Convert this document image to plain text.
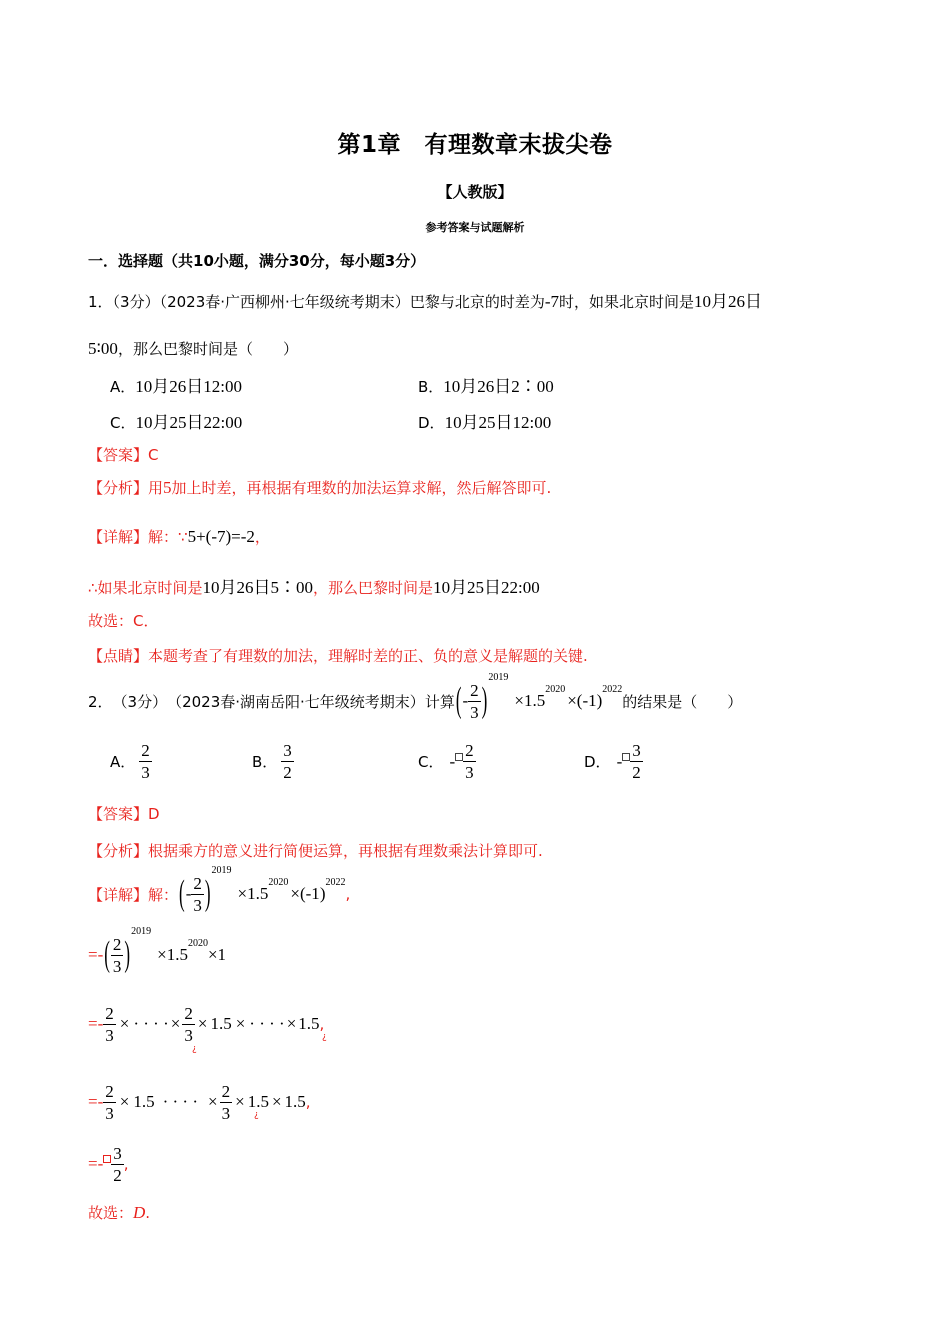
第1章　有理数章末拔尖卷
【人教版】
参考答案与试题解析
一．选择题（共10小题，满分30分，每小题3分）
1．（3分）（2023春·广西柳州·七年级统考期末）巴黎与北京的时差为-7时，如果北京时间是10月26日
5∶00，那么巴黎时间是（　　）
A．10月26日12:00	B．10月26日2∶00
C．10月25日22:00	D．10月25日12:00
【答案】C
【分析】用5加上时差，再根据有理数的加法运算求解，然后解答即可.
【详解】解：∵5+(-7)=-2，
∴如果北京时间是10月26日5∶00，那么巴黎时间是10月25日22:00
故选：C．
【点睛】本题考查了有理数的加法，理解时差的正、负的意义是解题的关键.
2． （3分） （2023春·湖南岳阳·七年级统考期末） 计算 ( - $\frac{2}{3}$ )
2019
× 1.5
2020
×( -1 )
2022
的结果是（　　）
A． $\frac{2}{3}$	B． $\frac{3}{2}$	C． - $\frac{2}{3}$	D． - $\frac{3}{2}$
【答案】D
【分析】根据乘方的意义进行简便运算，再根据有理数乘法计算即可.
【详解】 解： ( - $\frac{2}{3}$ )
2019
× 1.5
2020
×( -1 )
2022
,
=- ( $\frac{2}{3}$ )
2019
× 1.5
2020
×1
=- $\frac{2}{3}$ × · · · · × $\frac{2}{3} \times 1.5$ × · · · · × 1.5 ,
¿
¿
=- $\frac{2}{3} \times 1.5$ · · · · × $\frac{2}{3} \times 1.5 \times 1.5$ ,
¿
=- $\frac{3}{2}$ ,
故选：D.
